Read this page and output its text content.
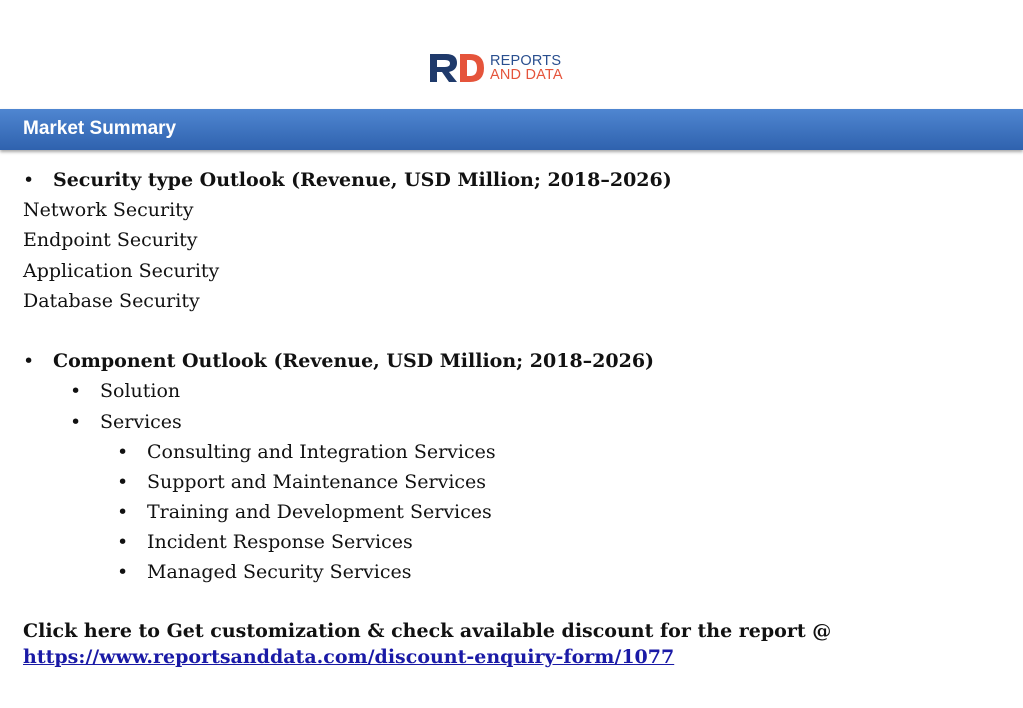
REPORTS
AND DATA
Market Summary
• Security type Outlook (Revenue, USD Million; 2018–2026)
Network Security
Endpoint Security
Application Security
Database Security
• Component Outlook (Revenue, USD Million; 2018–2026)
• Solution
• Services
• Consulting and Integration Services
• Support and Maintenance Services
• Training and Development Services
• Incident Response Services
• Managed Security Services
Click here to Get customization & check available discount for the report @
https://www.reportsanddata.com/discount-enquiry-form/1077
